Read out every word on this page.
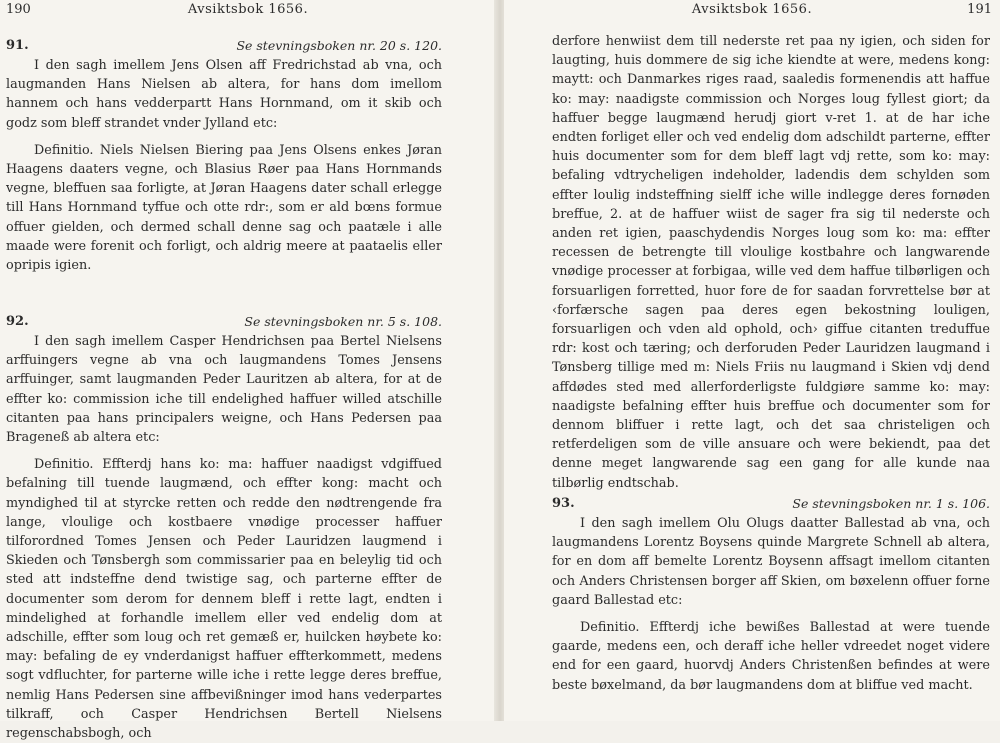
190	Avsiktsbok 1656.
91.	Se stevningsboken nr. 20 s. 120.

I den sagh imellem Jens Olsen aff Fredrichstad ab vna, och laugmanden Hans Nielsen ab altera, for hans dom imellom hannem och hans vedderpartt Hans Hornmand, om it skib och godz som bleff strandet vnder Jylland etc:

Definitio. Niels Nielsen Biering paa Jens Olsens enkes Jøran Haagens daaters vegne, och Blasius Røer paa Hans Hornmands vegne, bleffuen saa forligte, at Jøran Haagens dater schall erlegge till Hans Hornmand tyffue och otte rdr:, som er ald bœns formue offuer gielden, och dermed schall denne sag och paatæle i alle maade were forenit och forligt, och aldrig meere at paataelis eller opripis igien.

92.	Se stevningsboken nr. 5 s. 108.

I den sagh imellem Casper Hendrichsen paa Bertel Nielsens arffuingers vegne ab vna och laugmandens Tomes Jensens arffuinger, samt laugmanden Peder Lauritzen ab altera, for at de effter ko: commission iche till endelighed haffuer willed atschille citanten paa hans principalers weigne, och Hans Pedersen paa Brageneß ab altera etc:

Definitio. Effterdj hans ko: ma: haffuer naadigst vdgiffued befalning till tuende laugmænd, och effter kong: macht och myndighed til at styrcke retten och redde den nødtrengende fra lange, vloulige och kostbaere vnødige processer haffuer tilforordned Tomes Jensen och Peder Lauridzen laugmend i Skieden och Tønsbergh som commissarier paa en beleylig tid och sted att indsteffne dend twistige sag, och parterne effter de documenter som derom for dennem bleff i rette lagt, endten i mindelighed at forhandle imellem eller ved endelig dom at adschille, effter som loug och ret gemæß er, huilcken høybete ko: may: befaling de ey vnderdanigst haffuer effterkommett, medens sogt vdfluchter, for parterne wille iche i rette legge deres breffue, nemlig Hans Pedersen sine affbevißninger imod hans vederpartes tilkraff, och Casper Hendrichsen Bertell Nielsens regenschabsbogh, och

Avsiktsbok 1656.	191

derfore henwiist dem till nederste ret paa ny igien, och siden for laugting, huis dommere de sig iche kiendte at were, medens kong: maytt: och Danmarkes riges raad, saaledis formenendis att haffue ko: may: naadigste commission och Norges loug fyllest giort; da haffuer begge laugmænd herudj giort v-ret 1. at de har iche endten forliget eller och ved endelig dom adschildt parterne, effter huis documenter som for dem bleff lagt vdj rette, som ko: may: befaling vdtrycheligen indeholder, ladendis dem schylden som effter loulig indsteffning sielff iche wille indlegge deres fornøden breffue, 2. at de haffuer wiist de sager fra sig til nederste och anden ret igien, paaschydendis Norges loug som ko: ma: effter recessen de betrengte till vloulige kostbahre och langwarende vnødige processer at forbigaa, wille ved dem haffue tilbørligen och forsuarligen forretted, huor fore de for saadan forvrettelse bør at ‹forfærsche sagen paa deres egen bekostning louligen, forsuarligen och vden ald ophold, och› giffue citanten treduffue rdr: kost och tæring; och derforuden Peder Lauridzen laugmand i Tønsberg tillige med m: Niels Friis nu laugmand i Skien vdj dend affdødes sted med allerforderligste fuldgiøre samme ko: may: naadigste befalning effter huis breffue och documenter som for dennom bliffuer i rette lagt, och det saa christeligen och retferdeligen som de ville ansuare och were bekiendt, paa det denne meget langwarende sag een gang for alle kunde naa tilbørlig endtschab.

93.	Se stevningsboken nr. 1 s. 106.

I den sagh imellem Olu Olugs daatter Ballestad ab vna, och laugmandens Lorentz Boysens quinde Margrete Schnell ab altera, for en dom aff bemelte Lorentz Boysenn affsagt imellom citanten och Anders Christensen borger aff Skien, om bøxelenn offuer forne gaard Ballestad etc:

Definitio. Effterdj iche bewißes Ballestad at were tuende gaarde, medens een, och deraff iche heller vdreedet noget videre end for een gaard, huorvdj Anders Christenßen befindes at were beste bøxelmand, da bør laugmandens dom at bliffue ved macht.
